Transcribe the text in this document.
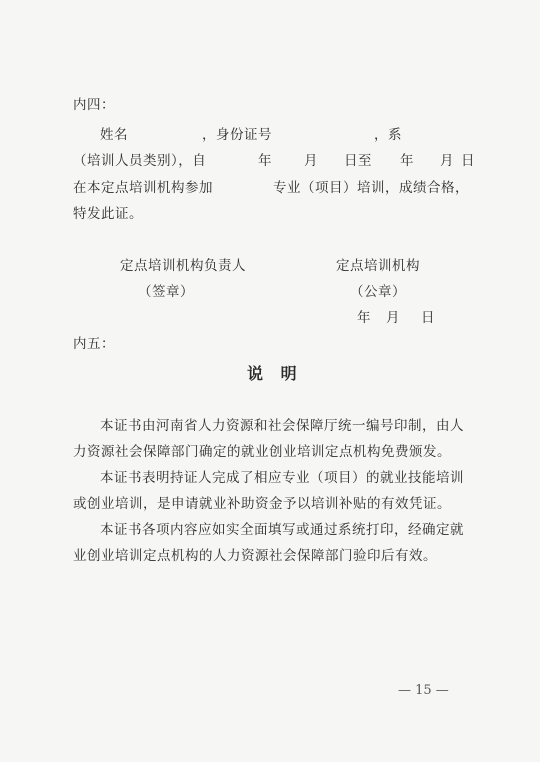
内四：
姓名	，身份证号	，系
（培训人员类别），自	年 月 日至 年 月 日
在本定点培训机构参加	专业（项目）培训，成绩合格，
特发此证。
定点培训机构负责人	定点培训机构
（签章）	（公章）
年 月 日
内五：
说 明
本证书由河南省人力资源和社会保障厅统一编号印制，由人
力资源社会保障部门确定的就业创业培训定点机构免费颁发。
本证书表明持证人完成了相应专业（项目）的就业技能培训
或创业培训，是申请就业补助资金予以培训补贴的有效凭证。
本证书各项内容应如实全面填写或通过系统打印，经确定就
业创业培训定点机构的人力资源社会保障部门验印后有效。
— 15 —
